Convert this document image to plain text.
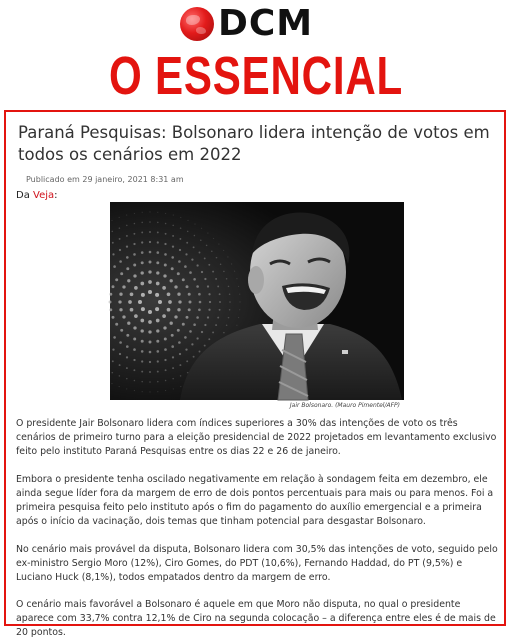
DCM
O ESSENCIAL
Paraná Pesquisas: Bolsonaro lidera intenção de votos em todos os cenários em 2022
Publicado em 29 janeiro, 2021 8:31 am
Da Veja:
Jair Bolsonaro. (Mauro Pimentel/AFP)

O presidente Jair Bolsonaro lidera com índices superiores a 30% das intenções de voto os três cenários de primeiro turno para a eleição presidencial de 2022 projetados em levantamento exclusivo feito pelo instituto Paraná Pesquisas entre os dias 22 e 26 de janeiro.

Embora o presidente tenha oscilado negativamente em relação à sondagem feita em dezembro, ele ainda segue líder fora da margem de erro de dois pontos percentuais para mais ou para menos. Foi a primeira pesquisa feito pelo instituto após o fim do pagamento do auxílio emergencial e a primeira após o início da vacinação, dois temas que tinham potencial para desgastar Bolsonaro.

No cenário mais provável da disputa, Bolsonaro lidera com 30,5% das intenções de voto, seguido pelo ex-ministro Sergio Moro (12%), Ciro Gomes, do PDT (10,6%), Fernando Haddad, do PT (9,5%) e Luciano Huck (8,1%), todos empatados dentro da margem de erro.

O cenário mais favorável a Bolsonaro é aquele em que Moro não disputa, no qual o presidente aparece com 33,7% contra 12,1% de Ciro na segunda colocação – a diferença entre eles é de mais de 20 pontos.
